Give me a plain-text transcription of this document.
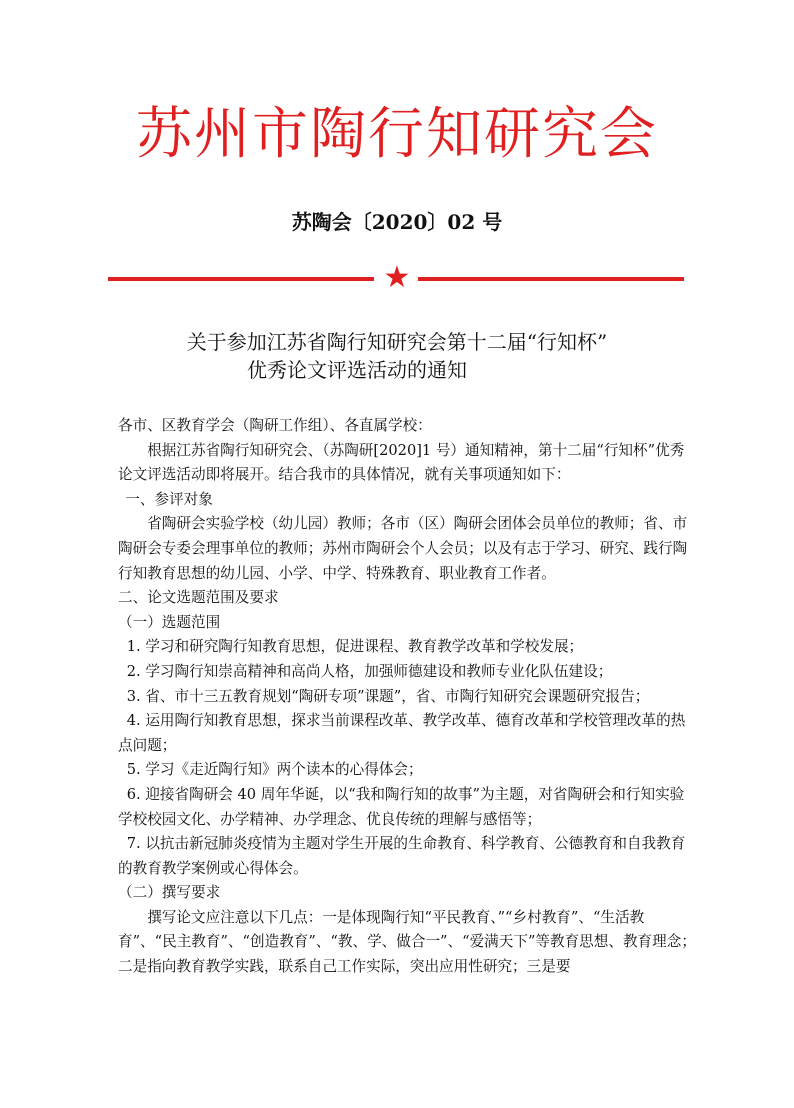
苏州市陶行知研究会
苏陶会〔2020〕02 号
★
关于参加江苏省陶行知研究会第十二届“行知杯”
优秀论文评选活动的通知

各市、区教育学会（陶研工作组）、各直属学校：

根据江苏省陶行知研究会、（苏陶研[2020]1 号）通知精神，第十二届“行知杯”优秀论文评选活动即将展开。结合我市的具体情况，就有关事项通知如下：

一、参评对象

省陶研会实验学校（幼儿园）教师；各市（区）陶研会团体会员单位的教师；省、市陶研会专委会理事单位的教师；苏州市陶研会个人会员；以及有志于学习、研究、践行陶行知教育思想的幼儿园、小学、中学、特殊教育、职业教育工作者。

二、论文选题范围及要求

（一）选题范围

1. 学习和研究陶行知教育思想，促进课程、教育教学改革和学校发展；

2. 学习陶行知崇高精神和高尚人格，加强师德建设和教师专业化队伍建设；

3. 省、市十三五教育规划“陶研专项”课题”，省、市陶行知研究会课题研究报告；

4. 运用陶行知教育思想，探求当前课程改革、教学改革、德育改革和学校管理改革的热点问题；

5. 学习《走近陶行知》两个读本的心得体会；

6. 迎接省陶研会 40 周年华诞，以“我和陶行知的故事”为主题，对省陶研会和行知实验学校校园文化、办学精神、办学理念、优良传统的理解与感悟等；

7. 以抗击新冠肺炎疫情为主题对学生开展的生命教育、科学教育、公德教育和自我教育的教育教学案例或心得体会。

（二）撰写要求

撰写论文应注意以下几点：一是体现陶行知“平民教育、”“乡村教育”、“生活教育”、“民主教育”、“创造教育”、“教、学、做合一”、“爱满天下”等教育思想、教育理念；二是指向教育教学实践，联系自己工作实际，突出应用性研究；三是要
